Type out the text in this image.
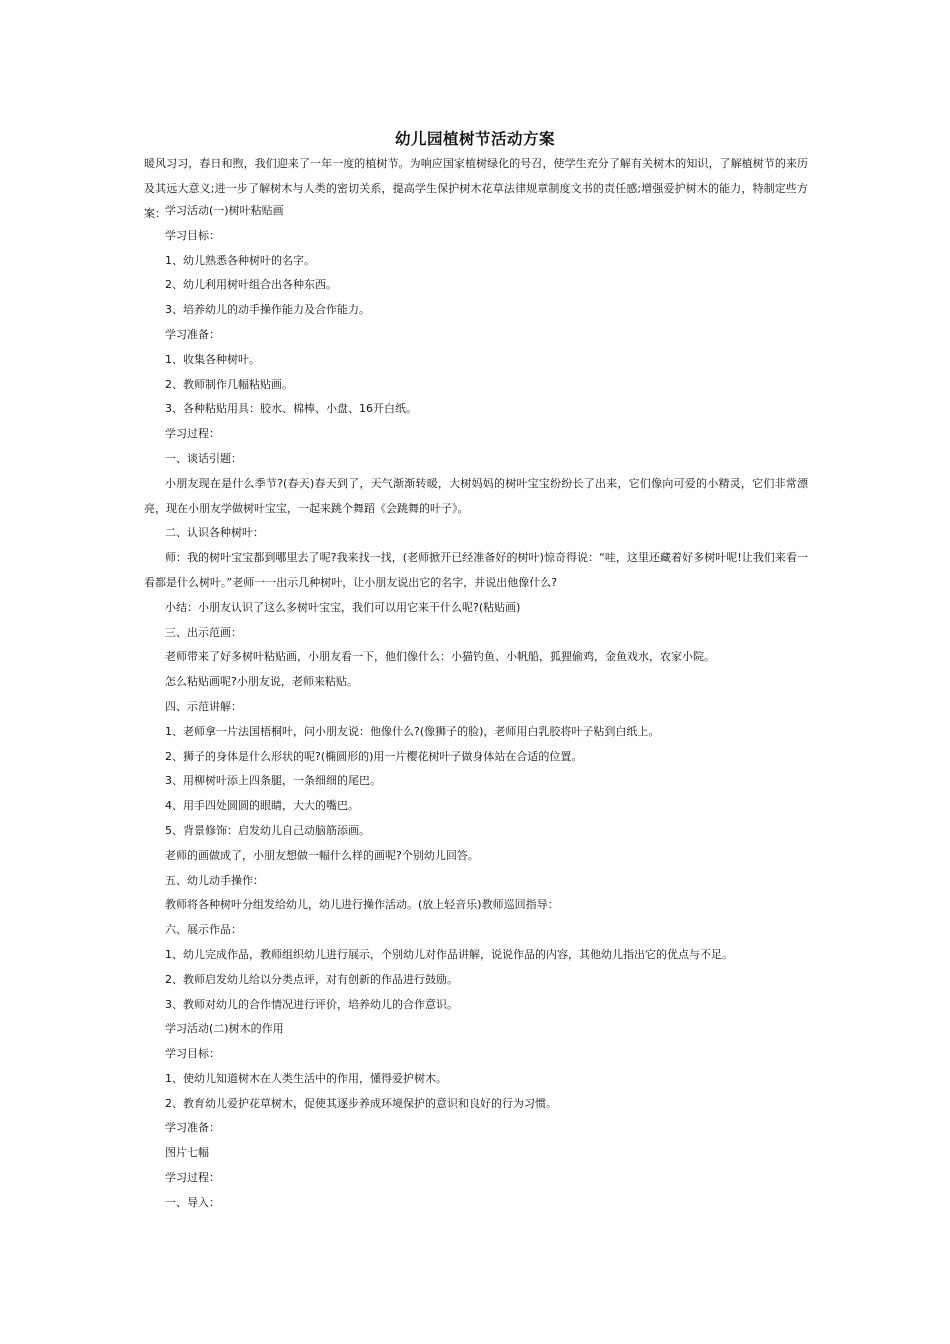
幼儿园植树节活动方案
暖风习习，春日和煦，我们迎来了一年一度的植树节。为响应国家植树绿化的号召，使学生充分了解有关树木的知识，了解植树节的来历及其远大意义;进一步了解树木与人类的密切关系，提高学生保护树木花草法律规章制度文书的责任感;增强爱护树木的能力，特制定些方案： 学习活动(一)树叶粘贴画
学习目标：
1、幼儿熟悉各种树叶的名字。
2、幼儿利用树叶组合出各种东西。
3、培养幼儿的动手操作能力及合作能力。
学习准备：
1、收集各种树叶。
2、教师制作几幅粘贴画。
3、各种粘贴用具：胶水、棉棒、小盘、16开白纸。
学习过程：
一、谈话引题：
小朋友现在是什么季节?(春天)春天到了，天气渐渐转暖，大树妈妈的树叶宝宝纷纷长了出来，它们像向可爱的小精灵，它们非常漂亮，现在小朋友学做树叶宝宝，一起来跳个舞蹈《会跳舞的叶子》。
二、认识各种树叶：
师：我的树叶宝宝都到哪里去了呢?我来找一找，(老师掀开已经准备好的树叶)惊奇得说：“哇，这里还藏着好多树叶呢!让我们来看一看都是什么树叶。”老师一一出示几种树叶，让小朋友说出它的名字，并说出他像什么?
小结：小朋友认识了这么多树叶宝宝，我们可以用它来干什么呢?(粘贴画)
三、出示范画：
老师带来了好多树叶粘贴画，小朋友看一下，他们像什么：小猫钓鱼、小帆船，狐狸偷鸡，金鱼戏水，农家小院。
怎么粘贴画呢?小朋友说，老师来粘贴。
四、示范讲解：
1、老师拿一片法国梧桐叶，问小朋友说：他像什么?(像狮子的脸)，老师用白乳胶将叶子粘到白纸上。
2、狮子的身体是什么形状的呢?(椭圆形的)用一片樱花树叶子做身体站在合适的位置。
3、用柳树叶添上四条腿，一条细细的尾巴。
4、用手四处圆圆的眼睛，大大的嘴巴。
5、背景修饰：启发幼儿自己动脑筋添画。
老师的画做成了，小朋友想做一幅什么样的画呢?个别幼儿回答。
五、幼儿动手操作：
教师将各种树叶分组发给幼儿，幼儿进行操作活动。(放上轻音乐)教师巡回指导：
六、展示作品：
1、幼儿完成作品，教师组织幼儿进行展示，个别幼儿对作品讲解，说说作品的内容，其他幼儿指出它的优点与不足。
2、教师启发幼儿给以分类点评，对有创新的作品进行鼓励。
3、教师对幼儿的合作情况进行评价，培养幼儿的合作意识。
学习活动(二)树木的作用
学习目标：
1、使幼儿知道树木在人类生活中的作用，懂得爱护树木。
2、教育幼儿爱护花草树木，促使其逐步养成环境保护的意识和良好的行为习惯。
学习准备：
图片七幅
学习过程：
一、导入：
